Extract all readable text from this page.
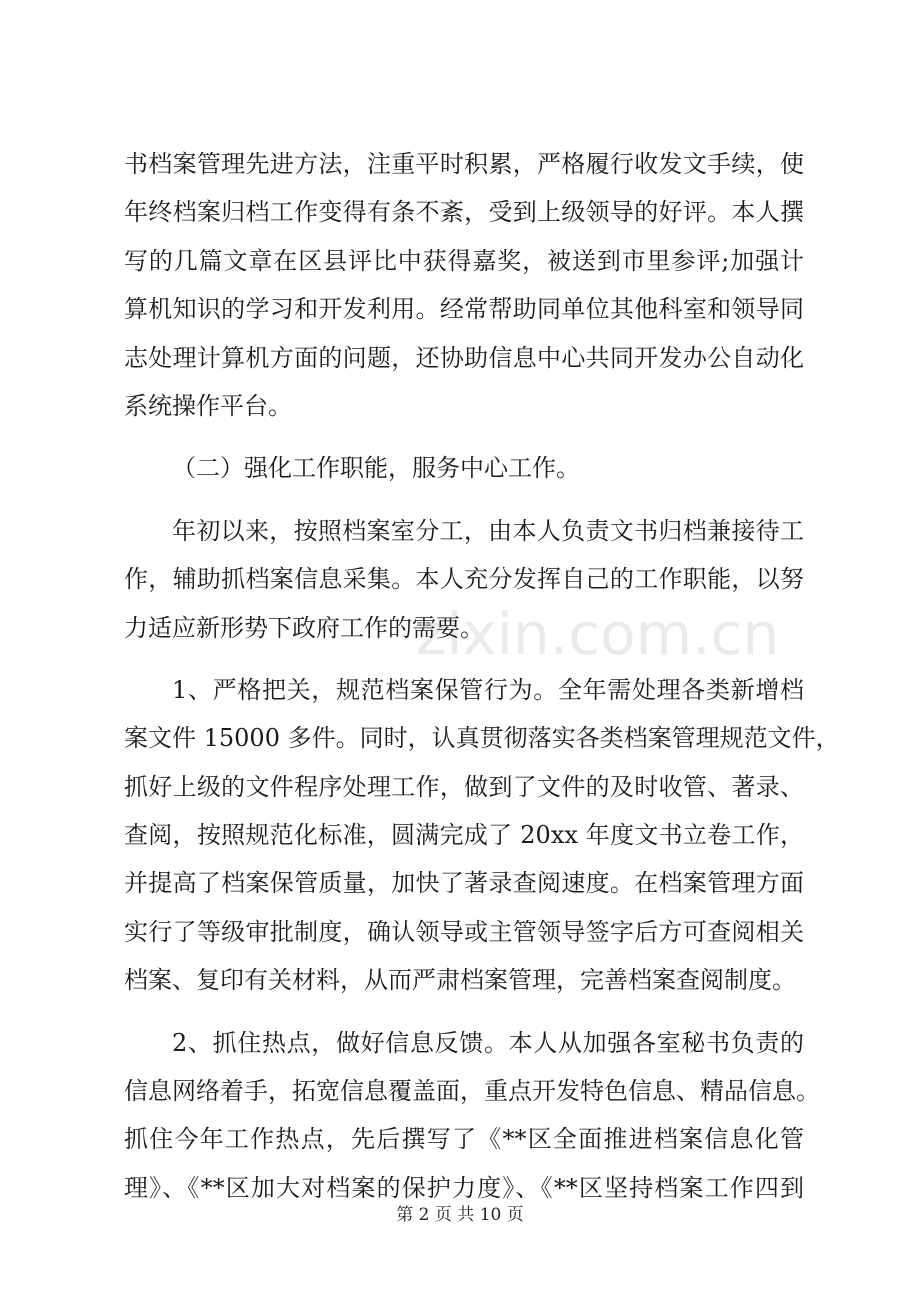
zixin.com.cn
书档案管理先进方法，注重平时积累，严格履行收发文手续，使
年终档案归档工作变得有条不紊，受到上级领导的好评。本人撰
写的几篇文章在区县评比中获得嘉奖，被送到市里参评;加强计
算机知识的学习和开发利用。经常帮助同单位其他科室和领导同
志处理计算机方面的问题，还协助信息中心共同开发办公自动化
系统操作平台。
（二）强化工作职能，服务中心工作。
年初以来，按照档案室分工，由本人负责文书归档兼接待工
作，辅助抓档案信息采集。本人充分发挥自己的工作职能，以努
力适应新形势下政府工作的需要。
1、严格把关，规范档案保管行为。全年需处理各类新增档
案文件 15000 多件。同时，认真贯彻落实各类档案管理规范文件，
抓好上级的文件程序处理工作，做到了文件的及时收管、著录、
查阅，按照规范化标准，圆满完成了 20xx 年度文书立卷工作，
并提高了档案保管质量，加快了著录查阅速度。在档案管理方面
实行了等级审批制度，确认领导或主管领导签字后方可查阅相关
档案、复印有关材料，从而严肃档案管理，完善档案查阅制度。
2、抓住热点，做好信息反馈。本人从加强各室秘书负责的
信息网络着手，拓宽信息覆盖面，重点开发特色信息、精品信息。
抓住今年工作热点，先后撰写了《**区全面推进档案信息化管
理》、《**区加大对档案的保护力度》、《**区坚持档案工作四到
第 2 页 共 10 页
